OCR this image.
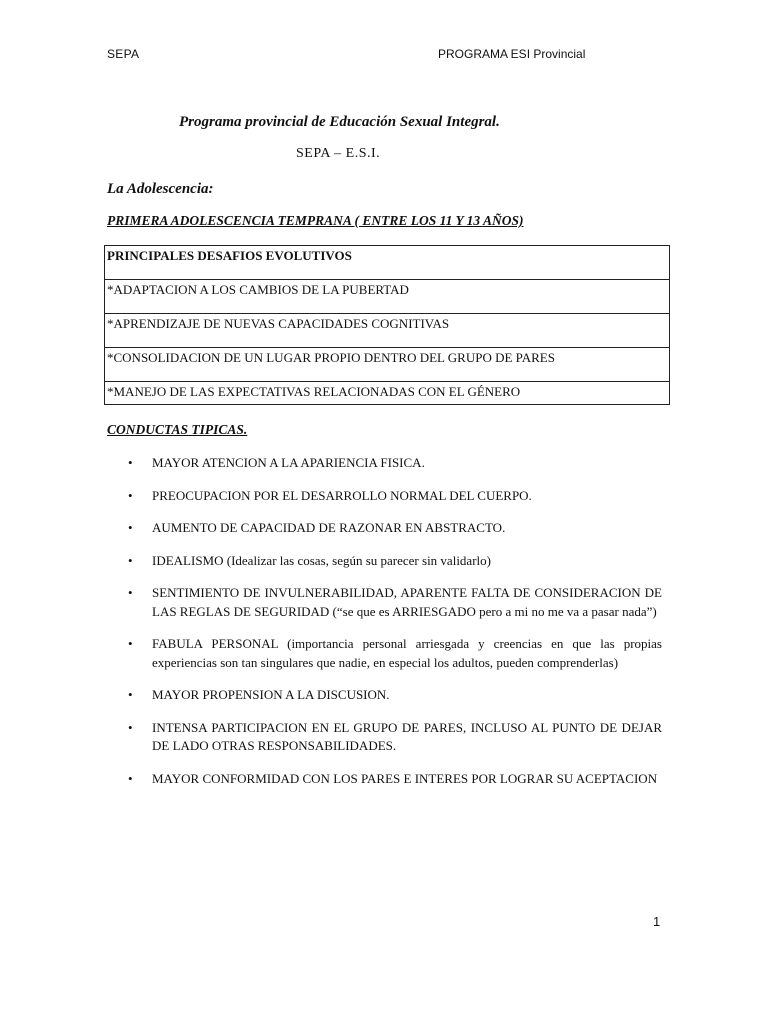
SEPA	PROGRAMA ESI Provincial
Programa provincial de Educación Sexual Integral.
SEPA – E.S.I.
La Adolescencia:
PRIMERA ADOLESCENCIA TEMPRANA ( ENTRE LOS 11 Y 13 AÑOS)
PRINCIPALES DESAFIOS EVOLUTIVOS
*ADAPTACION A LOS CAMBIOS DE LA PUBERTAD
*APRENDIZAJE DE NUEVAS CAPACIDADES COGNITIVAS
*CONSOLIDACION DE UN LUGAR PROPIO DENTRO DEL GRUPO DE PARES
*MANEJO DE LAS EXPECTATIVAS RELACIONADAS CON EL GÉNERO
CONDUCTAS TIPICAS.
• MAYOR ATENCION A LA APARIENCIA FISICA.
• PREOCUPACION POR EL DESARROLLO NORMAL DEL CUERPO.
• AUMENTO DE CAPACIDAD DE RAZONAR EN ABSTRACTO.
• IDEALISMO (Idealizar las cosas, según su parecer sin validarlo)
• SENTIMIENTO DE INVULNERABILIDAD, APARENTE FALTA DE CONSIDERACION DE LAS REGLAS DE SEGURIDAD (“se que es ARRIESGADO pero a mi no me va a pasar nada”)
• FABULA PERSONAL (importancia personal arriesgada y creencias en que las propias experiencias son tan singulares que nadie, en especial los adultos, pueden comprenderlas)
• MAYOR PROPENSION A LA DISCUSION.
• INTENSA PARTICIPACION EN EL GRUPO DE PARES, INCLUSO AL PUNTO DE DEJAR DE LADO OTRAS RESPONSABILIDADES.
• MAYOR CONFORMIDAD CON LOS PARES E INTERES POR LOGRAR SU ACEPTACION
1
